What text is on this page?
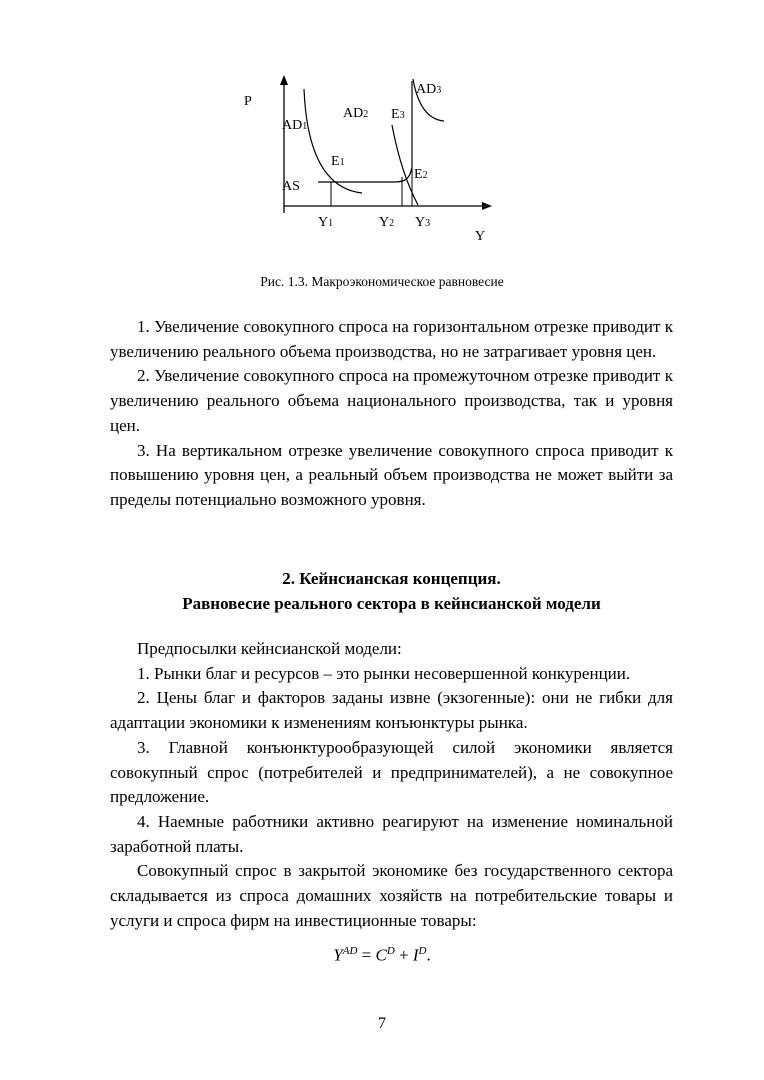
P
Y
AD1
AD2
AD3
E3
E1
E2
AS
Y1	Y2 Y3
Рис. 1.3. Макроэкономическое равновесие

1. Увеличение совокупного спроса на горизонтальном отрезке приводит к увеличению реального объема производства, но не затрагивает уровня цен.

2. Увеличение совокупного спроса на промежуточном отрезке приводит к увеличению реального объема национального производства, так и уровня цен.

3. На вертикальном отрезке увеличение совокупного спроса приводит к повышению уровня цен, а реальный объем производства не может выйти за пределы потенциально возможного уровня.

2. Кейнсианская концепция.
Равновесие реального сектора в кейнсианской модели

Предпосылки кейнсианской модели:

1. Рынки благ и ресурсов – это рынки несовершенной конкуренции.

2. Цены благ и факторов заданы извне (экзогенные): они не гибки для адаптации экономики к изменениям конъюнктуры рынка.

3. Главной конъюнктурообразующей силой экономики является совокупный спрос (потребителей и предпринимателей), а не совокупное предложение.

4. Наемные работники активно реагируют на изменение номинальной заработной платы.

Совокупный спрос в закрытой экономике без государственного сектора складывается из спроса домашних хозяйств на потребительские товары и услуги и спроса фирм на инвестиционные товары:

$Y^{AD} = C^D + I^D$.
7
